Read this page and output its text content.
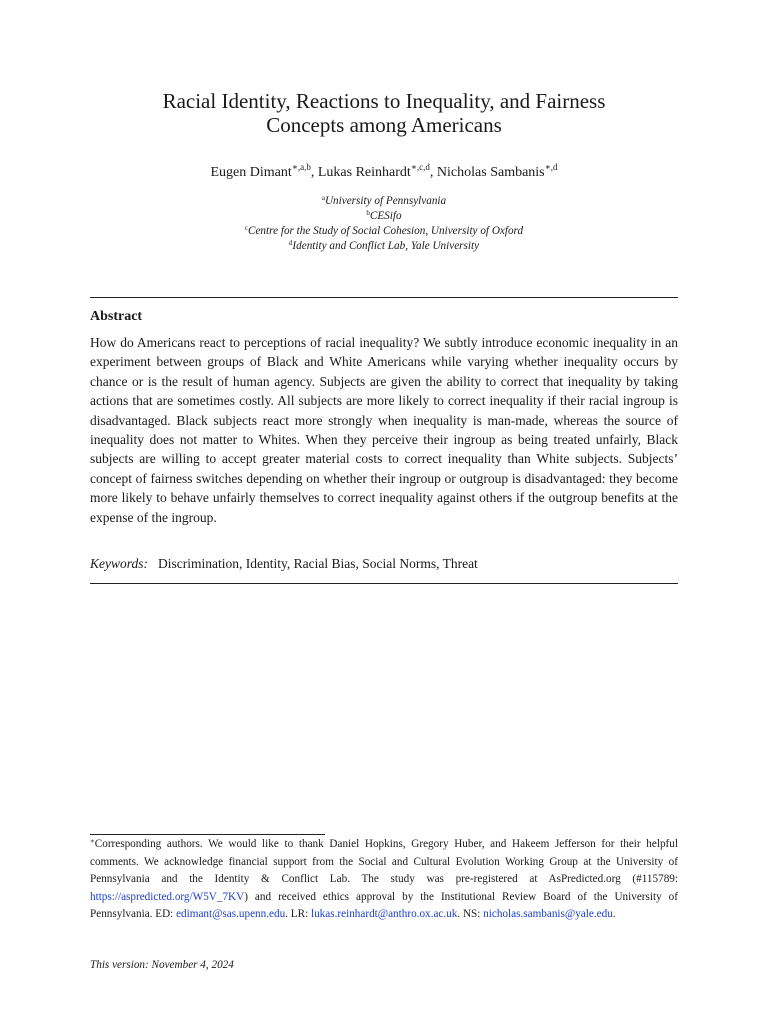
Racial Identity, Reactions to Inequality, and Fairness
Concepts among Americans
Eugen Dimant$^{∗,a,b}$, Lukas Reinhardt$^{∗,c,d}$, Nicholas Sambanis$^{∗,d}$
$^a$University of Pennsylvania
$^b$CESifo
$^c$Centre for the Study of Social Cohesion, University of Oxford
$^d$Identity and Conflict Lab, Yale University
Abstract

How do Americans react to perceptions of racial inequality? We subtly introduce economic inequality in an experiment between groups of Black and White Americans while varying whether inequality occurs by chance or is the result of human agency. Subjects are given the ability to correct that inequality by taking actions that are sometimes costly. All subjects are more likely to correct inequality if their racial ingroup is disadvantaged. Black subjects react more strongly when inequality is man-made, whereas the source of inequality does not matter to Whites. When they perceive their ingroup as being treated unfairly, Black subjects are willing to accept greater material costs to correct inequality than White subjects. Subjects’ concept of fairness switches depending on whether their ingroup or outgroup is disadvantaged: they become more likely to behave unfairly themselves to correct inequality against others if the outgroup benefits at the expense of the ingroup.

Keywords: Discrimination, Identity, Racial Bias, Social Norms, Threat

∗Corresponding authors. We would like to thank Daniel Hopkins, Gregory Huber, and Hakeem Jefferson for their helpful comments. We acknowledge financial support from the Social and Cultural Evolution Working Group at the University of Pennsylvania and the Identity & Conflict Lab. The study was pre-registered at AsPredicted.org (#115789: https://aspredicted.org/W5V_7KV) and received ethics approval by the Institutional Review Board of the University of Pennsylvania. ED: edimant@sas.upenn.edu. LR: lukas.reinhardt@anthro.ox.ac.uk. NS: nicholas.sambanis@yale.edu.

This version: November 4, 2024
